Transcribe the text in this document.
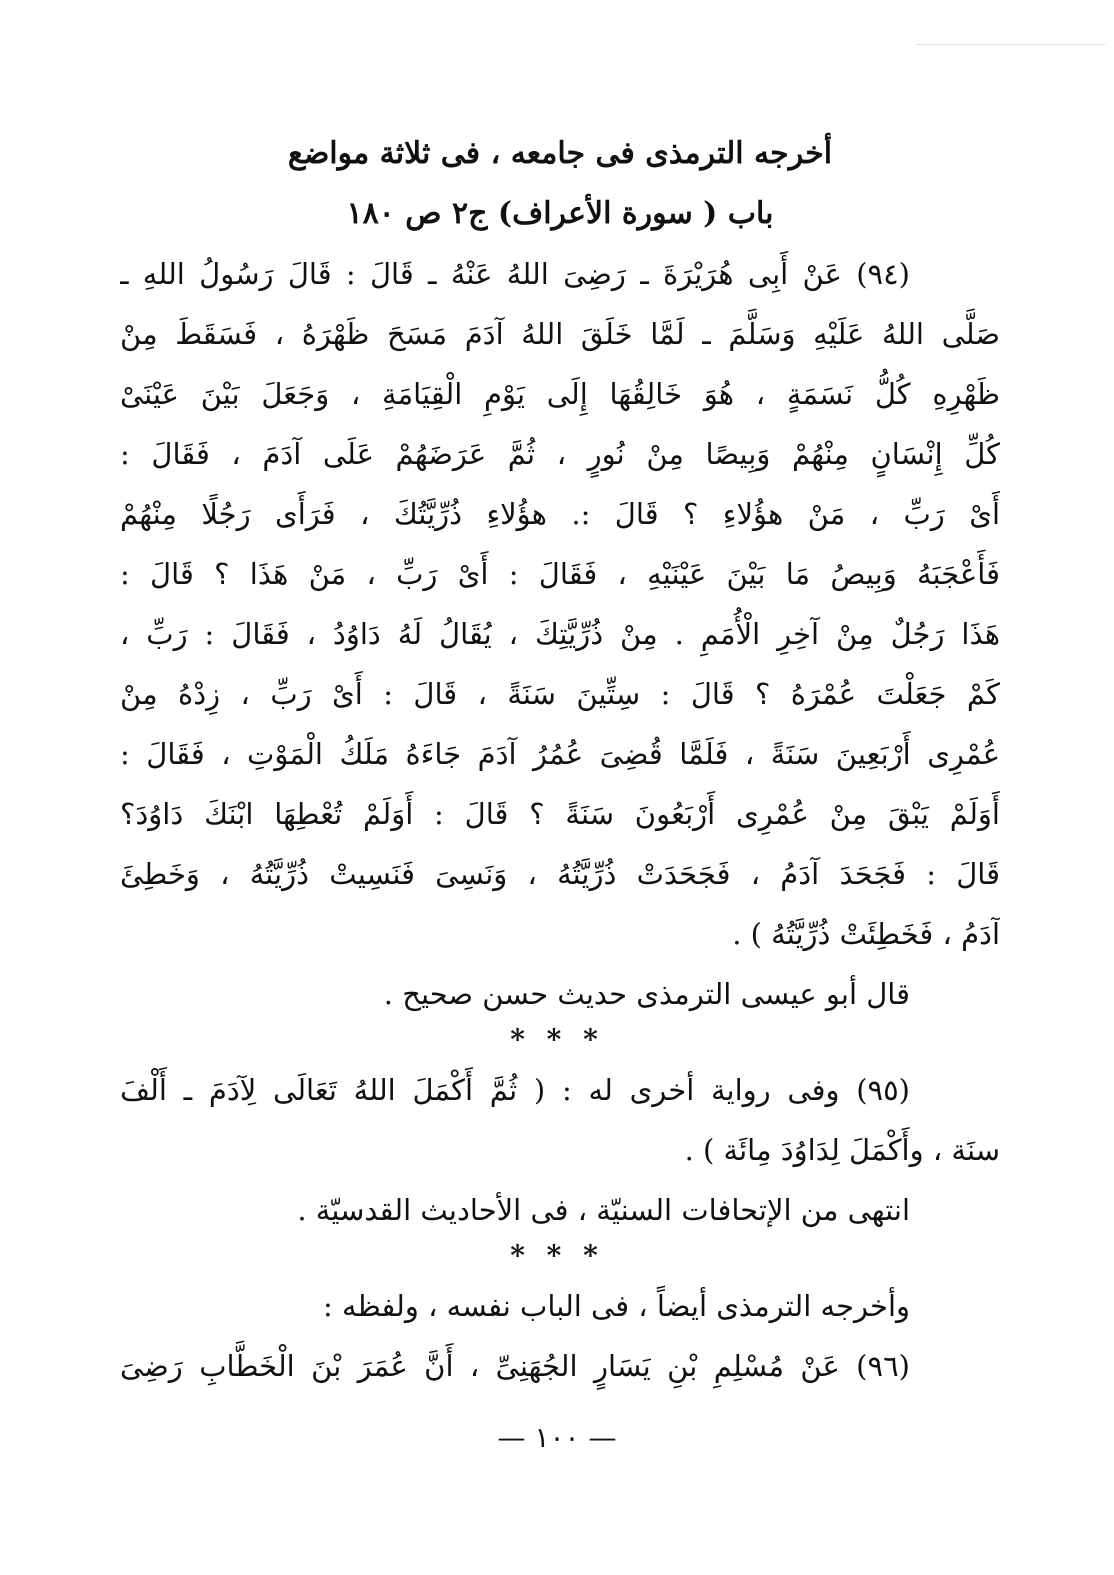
أخرجه الترمذى فى جامعه ، فى ثلاثة مواضع
باب ( سورة الأعراف) ج٢ ص ١٨٠
(٩٤) عَنْ أَبِى هُرَيْرَةَ ـ رَضِىَ اللهُ عَنْهُ ـ قَالَ : قَالَ رَسُولُ اللهِ ـ
صَلَّى اللهُ عَلَيْهِ وَسَلَّمَ ـ لَمَّا خَلَقَ اللهُ آدَمَ مَسَحَ ظَهْرَهُ ، فَسَقَطَ مِنْ
ظَهْرِهِ كُلُّ نَسَمَةٍ ، هُوَ خَالِقُهَا إِلَى يَوْمِ الْقِيَامَةِ ، وَجَعَلَ بَيْنَ عَيْنَىْ
كُلِّ إِنْسَانٍ مِنْهُمْ وَبِيصًا مِنْ نُورٍ ، ثُمَّ عَرَضَهُمْ عَلَى آدَمَ ، فَقَالَ :
أَىْ رَبِّ ، مَنْ هؤُلاءِ ؟ قَالَ :. هؤُلاءِ ذُرِّيَّتُكَ ، فَرَأَى رَجُلًا مِنْهُمْ
فَأَعْجَبَهُ وَبِيصُ مَا بَيْنَ عَيْنَيْهِ ، فَقَالَ : أَىْ رَبِّ ، مَنْ هَذَا ؟ قَالَ :
هَذَا رَجُلٌ مِنْ آخِرِ الْأُمَمِ . مِنْ ذُرِّيَّتِكَ ، يُقَالُ لَهُ دَاوُدُ ، فَقَالَ : رَبِّ ،
كَمْ جَعَلْتَ عُمْرَهُ ؟ قَالَ : سِتِّينَ سَنَةً ، قَالَ : أَىْ رَبِّ ، زِدْهُ مِنْ
عُمْرِى أَرْبَعِينَ سَنَةً ، فَلَمَّا قُضِىَ عُمُرُ آدَمَ جَاءَهُ مَلَكُ الْمَوْتِ ، فَقَالَ :
أَوَلَمْ يَبْقَ مِنْ عُمْرِى أَرْبَعُونَ سَنَةً ؟ قَالَ : أَوَلَمْ تُعْطِهَا ابْنَكَ دَاوُدَ؟
قَالَ : فَجَحَدَ آدَمُ ، فَجَحَدَتْ ذُرِّيَّتُهُ ، وَنَسِىَ فَنَسِيتْ ذُرِّيَّتُهُ ، وَخَطِئَ
آدَمُ ، فَخَطِئَتْ ذُرِّيَّتُهُ ) .
قال أبو عيسى الترمذى حديث حسن صحيح .
* * *
(٩٥) وفى رواية أخرى له : ( ثُمَّ أَكْمَلَ اللهُ تَعَالَى لِآدَمَ ـ أَلْفَ
سنَة ، وأَكْمَلَ لِدَاوُدَ مِائَة ) .
انتهى من الإتحافات السنيّة ، فى الأحاديث القدسيّة .
* * *
وأخرجه الترمذى أيضاً ، فى الباب نفسه ، ولفظه :
(٩٦) عَنْ مُسْلِمِ بْنِ يَسَارٍ الجُهَنِىِّ ، أَنَّ عُمَرَ بْنَ الْخَطَّابِ رَضِىَ
— ١٠٠ —
